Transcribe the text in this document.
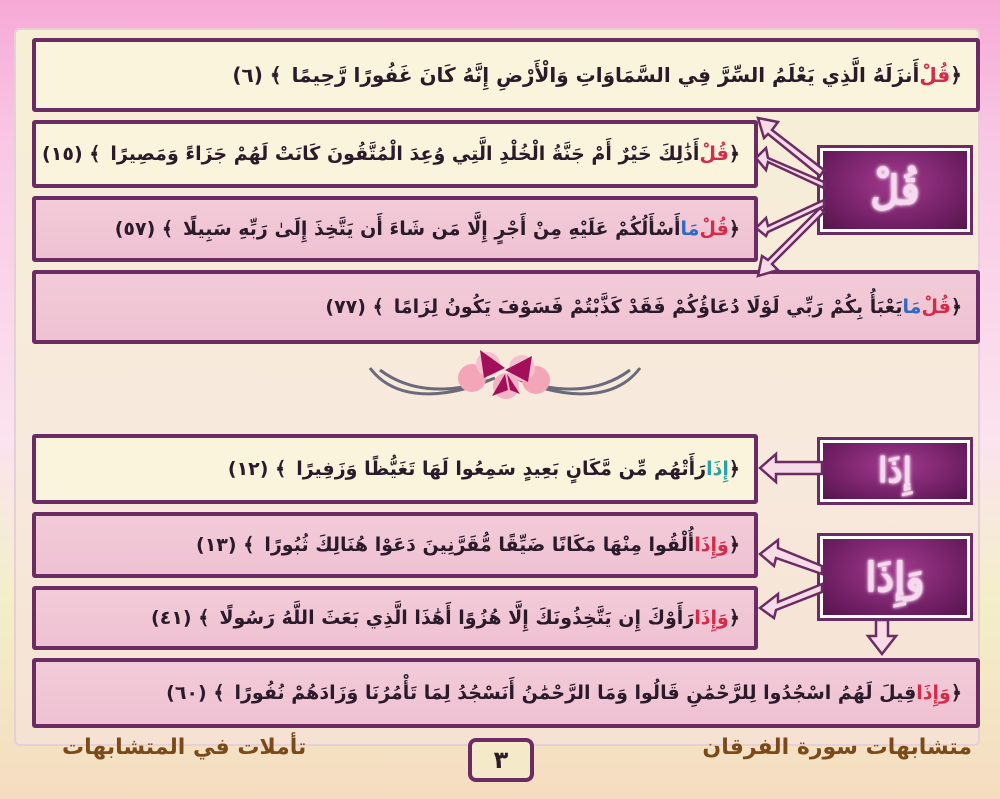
﴿
قُلْ
أَنزَلَهُ الَّذِي يَعْلَمُ السِّرَّ فِي السَّمَاوَاتِ وَالْأَرْضِ إِنَّهُ كَانَ غَفُورًا رَّحِيمًا
﴾ (٦)
﴿
قُلْ
أَذَٰلِكَ خَيْرٌ أَمْ جَنَّةُ الْخُلْدِ الَّتِي وُعِدَ الْمُتَّقُونَ كَانَتْ لَهُمْ جَزَاءً وَمَصِيرًا
﴾ (١٥)
﴿
قُلْ
مَا
أَسْأَلُكُمْ عَلَيْهِ مِنْ أَجْرٍ إِلَّا مَن شَاءَ أَن يَتَّخِذَ إِلَىٰ رَبِّهِ سَبِيلًا
﴾ (٥٧)
﴿
قُلْ
مَا
يَعْبَأُ بِكُمْ رَبِّي لَوْلَا دُعَاؤُكُمْ فَقَدْ كَذَّبْتُمْ فَسَوْفَ يَكُونُ لِزَامًا
﴾ (٧٧)
قُلْ
إِذَا
وَإِذَا
﴿
إِذَا
رَأَتْهُم مِّن مَّكَانٍ بَعِيدٍ سَمِعُوا لَهَا تَغَيُّظًا وَزَفِيرًا
﴾ (١٢)
﴿
وَإِذَا
أُلْقُوا مِنْهَا مَكَانًا ضَيِّقًا مُّقَرَّنِينَ دَعَوْا هُنَالِكَ ثُبُورًا
﴾ (١٣)
﴿
وَإِذَا
رَأَوْكَ إِن يَتَّخِذُونَكَ إِلَّا هُزُوًا أَهَٰذَا الَّذِي بَعَثَ اللَّهُ رَسُولًا
﴾ (٤١)
﴿
وَإِذَا
قِيلَ لَهُمُ اسْجُدُوا لِلرَّحْمَٰنِ قَالُوا وَمَا الرَّحْمَٰنُ أَنَسْجُدُ لِمَا تَأْمُرُنَا وَزَادَهُمْ نُفُورًا
﴾ (٦٠)
متشابهات سورة الفرقان
تأملات في المتشابهات	٣
